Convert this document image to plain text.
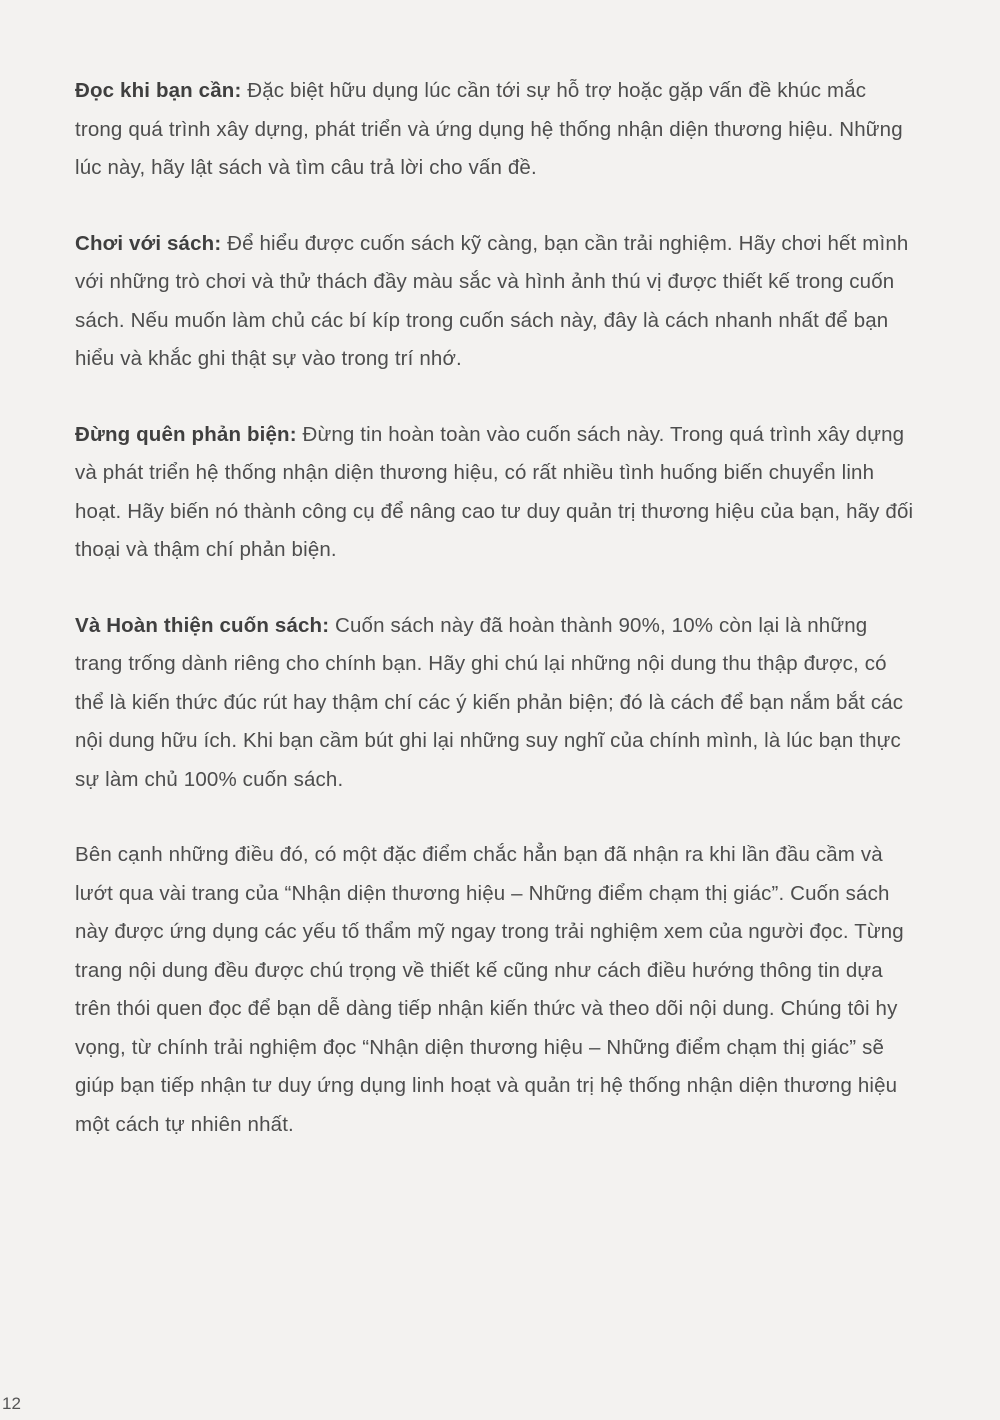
Đọc khi bạn cần: Đặc biệt hữu dụng lúc cần tới sự hỗ trợ hoặc gặp vấn đề khúc mắc trong quá trình xây dựng, phát triển và ứng dụng hệ thống nhận diện thương hiệu. Những lúc này, hãy lật sách và tìm câu trả lời cho vấn đề.

Chơi với sách: Để hiểu được cuốn sách kỹ càng, bạn cần trải nghiệm. Hãy chơi hết mình với những trò chơi và thử thách đầy màu sắc và hình ảnh thú vị được thiết kế trong cuốn sách. Nếu muốn làm chủ các bí kíp trong cuốn sách này, đây là cách nhanh nhất để bạn hiểu và khắc ghi thật sự vào trong trí nhớ.

Đừng quên phản biện: Đừng tin hoàn toàn vào cuốn sách này. Trong quá trình xây dựng và phát triển hệ thống nhận diện thương hiệu, có rất nhiều tình huống biến chuyển linh hoạt. Hãy biến nó thành công cụ để nâng cao tư duy quản trị thương hiệu của bạn, hãy đối thoại và thậm chí phản biện.

Và Hoàn thiện cuốn sách: Cuốn sách này đã hoàn thành 90%, 10% còn lại là những trang trống dành riêng cho chính bạn. Hãy ghi chú lại những nội dung thu thập được, có thể là kiến thức đúc rút hay thậm chí các ý kiến phản biện; đó là cách để bạn nắm bắt các nội dung hữu ích. Khi bạn cầm bút ghi lại những suy nghĩ của chính mình, là lúc bạn thực sự làm chủ 100% cuốn sách.

Bên cạnh những điều đó, có một đặc điểm chắc hẳn bạn đã nhận ra khi lần đầu cầm và lướt qua vài trang của “Nhận diện thương hiệu – Những điểm chạm thị giác”. Cuốn sách này được ứng dụng các yếu tố thẩm mỹ ngay trong trải nghiệm xem của người đọc. Từng trang nội dung đều được chú trọng về thiết kế cũng như cách điều hướng thông tin dựa trên thói quen đọc để bạn dễ dàng tiếp nhận kiến thức và theo dõi nội dung. Chúng tôi hy vọng, từ chính trải nghiệm đọc “Nhận diện thương hiệu – Những điểm chạm thị giác” sẽ giúp bạn tiếp nhận tư duy ứng dụng linh hoạt và quản trị hệ thống nhận diện thương hiệu một cách tự nhiên nhất.

12
